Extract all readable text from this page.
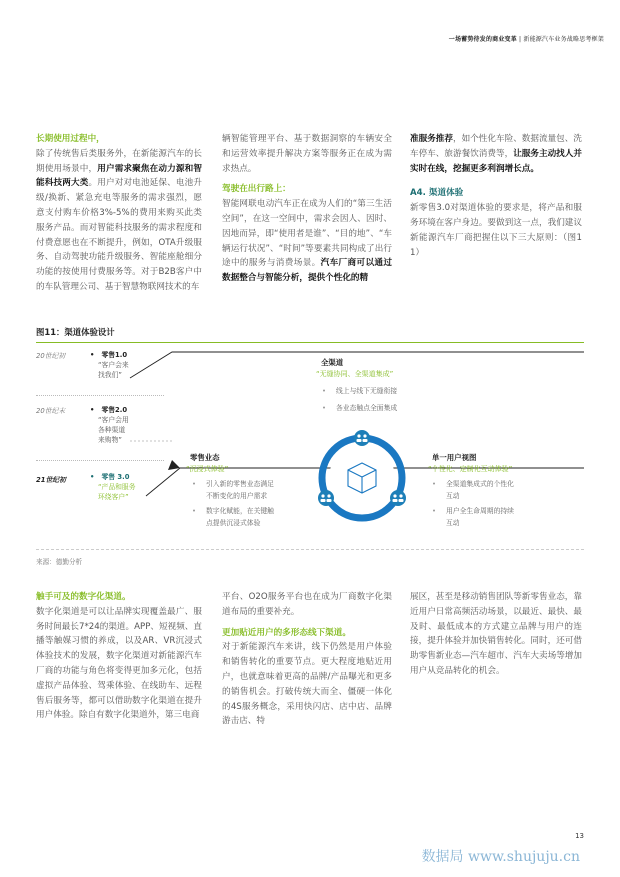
一场蓄势待发的商业变革 | 新能源汽车业务战略思考框架

长期使用过程中，
除了传统售后类服务外，在新能源汽车的长期使用场景中，用户需求聚焦在动力源和智能科技两大类。用户对对电池延保、电池升级/换新、紧急充电等服务的需求强烈，愿意支付购车价格3%-5%的费用来购买此类服务产品。而对智能科技服务的需求程度和付费意愿也在不断提升，例如，OTA升级服务、自动驾驶功能升级服务、智能座舱细分功能的按使用付费服务等。对于B2B客户中的车队管理公司、基于智慧物联网技术的车

辆智能管理平台、基于数据洞察的车辆安全和运营效率提升解决方案等服务正在成为需求热点。

驾驶在出行路上：
智能网联电动汽车正在成为人们的“第三生活空间”，在这一空间中，需求会因人、因时、因地而异，即“使用者是谁”、“目的地”、“车辆运行状况”、“时间”等要素共同构成了出行途中的服务与消费场景。汽车厂商可以通过数据整合与智能分析，提供个性化的精

准服务推荐，如个性化车险、数据流量包、洗车停车、旅游餐饮消费等，让服务主动找人并实时在线，挖掘更多利润增长点。

A4. 渠道体验

新零售3.0对渠道体验的要求是，将产品和服务环境在客户身边。要做到这一点，我们建议新能源汽车厂商把握住以下三大原则：（图11）

图11：渠道体验设计
20世纪初	•   零售1.0
“客户会来
找我们”
20世纪末	•   零售2.0
“客户会用
各种渠道
来购物”
21世纪初	•   零售 3.0
“产品和服务
环绕客户”
全渠道
“无缝协同、全渠道集成”
• 线上与线下无缝衔接
• 各业态触点全面集成
零售业态
“沉浸式体验”
• 引入新的零售业态满足
不断变化的用户需求
• 数字化赋能，在关键触
点提供沉浸式体验
单一用户视图
“个性化、定制化互动体验”
• 全渠道集成式的个性化
互动
• 用户全生命周期的持续
互动
来源：德勤分析

触手可及的数字化渠道。
数字化渠道是可以让品牌实现覆盖最广、服务时间最长7*24的渠道。APP、短视频、直播等触媒习惯的养成，以及AR、VR沉浸式体验技术的发展，数字化渠道对新能源汽车厂商的功能与角色将变得更加多元化，包括虚拟产品体验、驾乘体验、在线助车、远程售后服务等，都可以借助数字化渠道在提升用户体验。除自有数字化渠道外，第三电商

平台、O2O服务平台也在成为厂商数字化渠道布局的重要补充。

更加贴近用户的多形态线下渠道。
对于新能源汽车来讲，线下仍然是用户体验和销售转化的重要节点。更大程度地贴近用户，也就意味着更高的品牌/产品曝光和更多的销售机会。打破传统大而全、僵硬一体化的4S服务概念，采用快闪店、店中店、品牌游击店、特

展区，甚至是移动销售团队等新零售业态，靠近用户日常高频活动场景，以最近、最快、最及时、最低成本的方式建立品牌与用户的连接，提升体验并加快销售转化。同时，还可借助零售新业态—汽车超市、汽车大卖场等增加用户从竞品转化的机会。

13
数据局 www.shujuju.cn
